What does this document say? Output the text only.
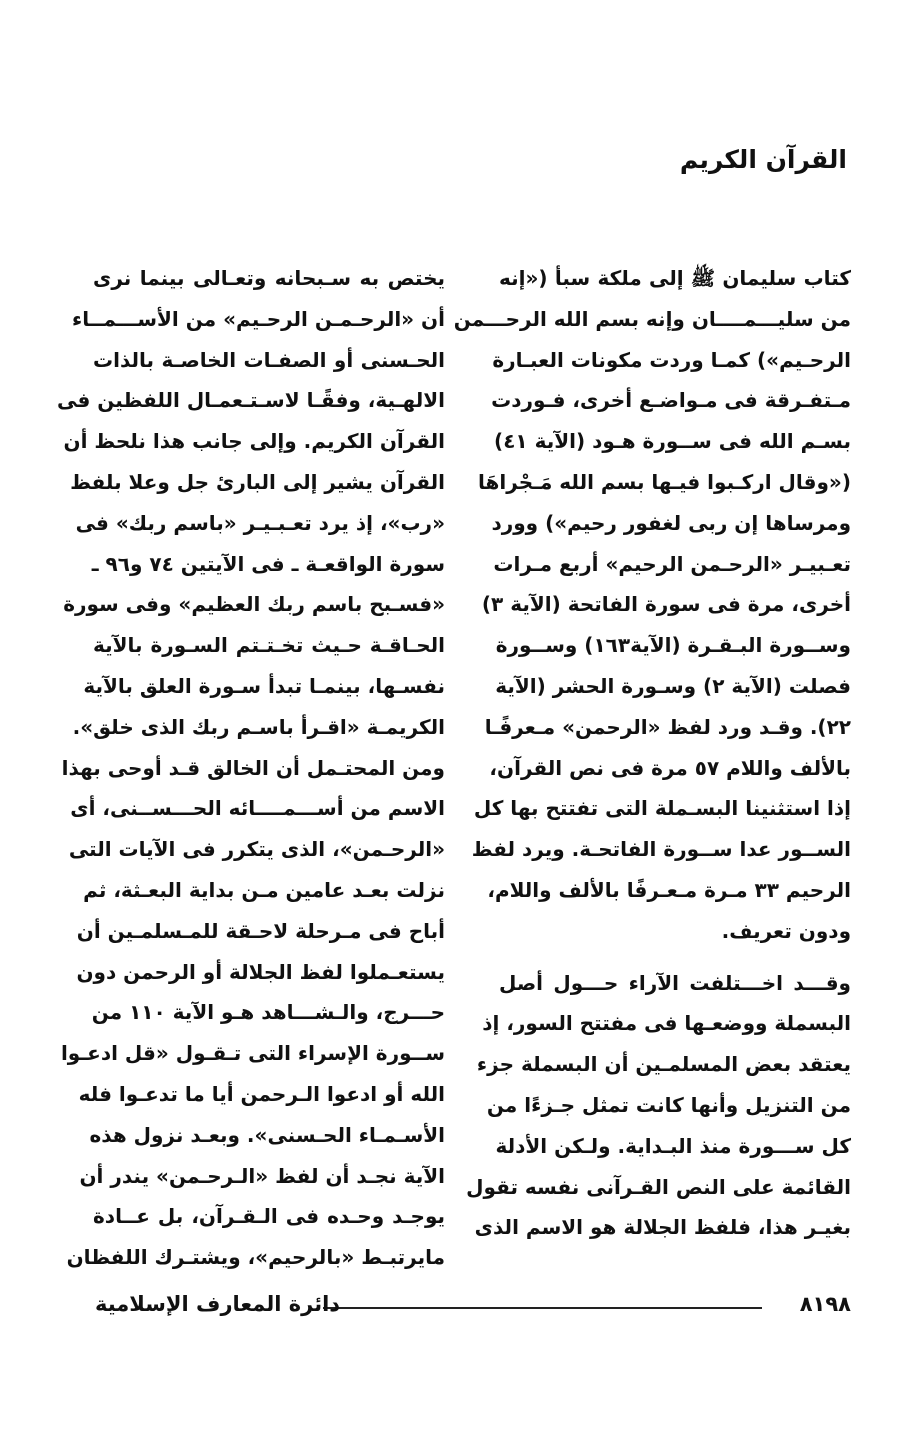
القرآن الكريم
كتاب سليمان ﷺ إلى ملكة سبأ («إنه
من سليـــمــــان وإنه بسم الله الرحـــمن
الرحـيم») كمـا وردت مكونات العبـارة
مـتفـرقة فى مـواضـع أخرى، فـوردت
بسـم الله فى ســورة هـود (الآية ٤١)
(«وقال اركـبوا فيـها بسم الله مَـجْراهَا
ومرساها إن ربى لغفور رحيم») وورد
تعـبيـر «الرحـمن الرحيم» أربع مـرات
أخرى، مرة فى سورة الفاتحة (الآية ٣)
وســورة البـقـرة (الآية١٦٣) وســورة
فصلت (الآية ٢) وسـورة الحشر (الآية
٢٢). وقـد ورد لفظ «الرحمن» مـعرفًـا
بالألف واللام ٥٧ مرة فى نص القرآن،
إذا استثنينا البسـملة التى تفتتح بها كل
الســور عدا ســورة الفاتحـة. ويرد لفظ
الرحيم ٣٣ مـرة مـعـرفًا بالألف واللام،
ودون تعريف.
وقـــد اخـــتلفت الآراء حـــول أصل
البسملة ووضعـها فى مفتتح السور، إذ
يعتقد بعض المسلمـين أن البسملة جزء
من التنزيل وأنها كانت تمثل جـزءًا من
كل ســـورة منذ البـداية. ولـكن الأدلة
القائمة على النص القـرآنى نفسه تقول
بغيـر هذا، فلفظ الجلالة هو الاسم الذى
يختص به سـبحانه وتعـالى بينما نرى
أن «الرحـمـن الرحـيم» من الأســـمــاء
الحـسنى أو الصفـات الخاصـة بالذات
الالهـية، وفقًـا لاسـتـعمـال اللفظين فى
القرآن الكريم. وإلى جانب هذا نلحظ أن
القرآن يشير إلى البارئ جل وعلا بلفظ
«رب»، إذ يرد تعـبـيـر «باسم ربك» فى
سورة الواقعـة ـ فى الآيتين ٧٤ و٩٦ ـ
«فسـبح باسم ربك العظيم» وفى سورة
الحـاقـة حـيث تخـتـتم السـورة بالآية
نفسـها، بينمـا تبدأ سـورة العلق بالآية
الكريمـة «اقـرأ باسـم ربك الذى خلق».
ومن المحتـمل أن الخالق قـد أوحى بهذا
الاسم من أســـمــــائه الحـــســنى، أى
«الرحـمن»، الذى يتكرر فى الآيات التى
نزلت بعـد عامين مـن بداية البعـثة، ثم
أباح فى مـرحلة لاحـقة للمـسلمـين أن
يستعـملوا لفظ الجلالة أو الرحمن دون
حـــرج، والـشـــاهد هـو الآية ١١٠ من
ســورة الإسراء التى تـقـول «قل ادعـوا
الله أو ادعوا الـرحمن أيا ما تدعـوا فله
الأسـمـاء الحـسنى». وبعـد نزول هذه
الآية نجـد أن لفظ «الـرحـمن» يندر أن
يوجـد وحـده فى الـقـرآن، بل عــادة
مايرتبـط «بالرحيم»، ويشتـرك اللفظان
٨١٩٨
دائرة المعارف الإسلامية
